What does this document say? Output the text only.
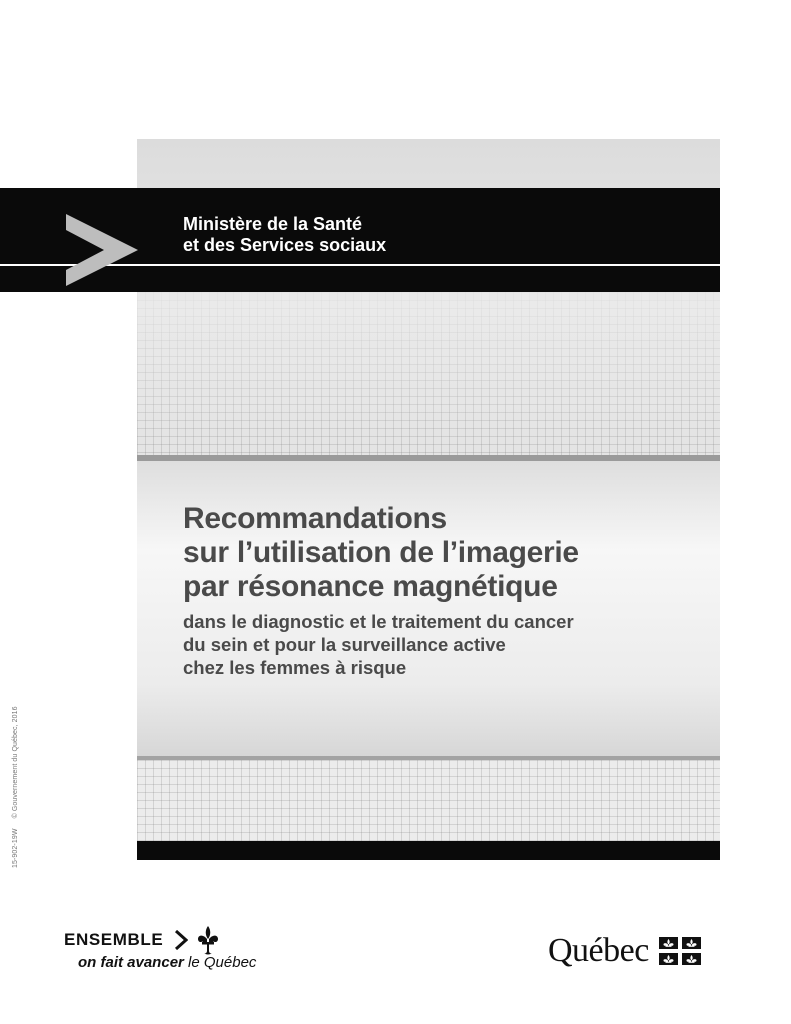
Ministère de la Santé
et des Services sociaux
Recommandations
sur l’utilisation de l’imagerie
par résonance magnétique

dans le diagnostic et le traitement du cancer
du sein et pour la surveillance active
chez les femmes à risque

15-902-19W © Gouvernement du Québec, 2016
ENSEMBLE
on fait avancer le Québec	Québec
